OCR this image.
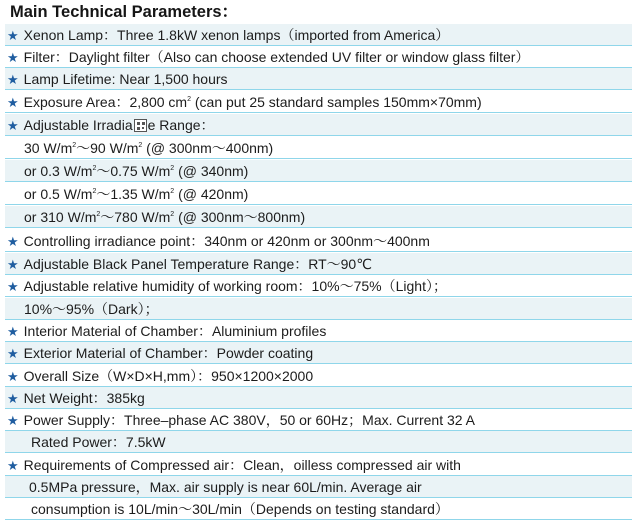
Main Technical Parameters：
★ Xenon Lamp：Three 1.8kW xenon lamps（imported from America）
★ Filter：Daylight filter（Also can choose extended UV filter or window glass filter）
★ Lamp Lifetime: Near 1,500 hours
★ Exposure Area：2,800 $cm^2$ (can put 25 standard samples 150mm×70mm)
★ Adjustable Irradia e Range：
30 $W/m^2\sim 90$ $W/m^2$ (@ 300nm～400nm)
or 0.3 $W/m^2\sim 0.75$ $W/m^2$ (@ 340nm)
or 0.5 $W/m^2\sim 1.35$ $W/m^2$ (@ 420nm)
or 310 $W/m^2\sim 780$ $W/m^2$ (@ 300nm～800nm)
★ Controlling irradiance point：340nm or 420nm or 300nm～400nm
★ Adjustable Black Panel Temperature Range：RT～90℃
★ Adjustable relative humidity of working room：10%～75%（Light）；
10%～95%（Dark）；
★ Interior Material of Chamber：Aluminium profiles
★ Exterior Material of Chamber：Powder coating
★ Overall Size（W×D×H,mm）：950×1200×2000
★ Net Weight：385kg
★ Power Supply：Three–phase AC 380V，50 or 60Hz；Max. Current 32 A
Rated Power：7.5kW
★ Requirements of Compressed air：Clean，oilless compressed air with
0.5MPa pressure，Max. air supply is near 60L/min. Average air
consumption is 10L/min～30L/min（Depends on testing standard）
